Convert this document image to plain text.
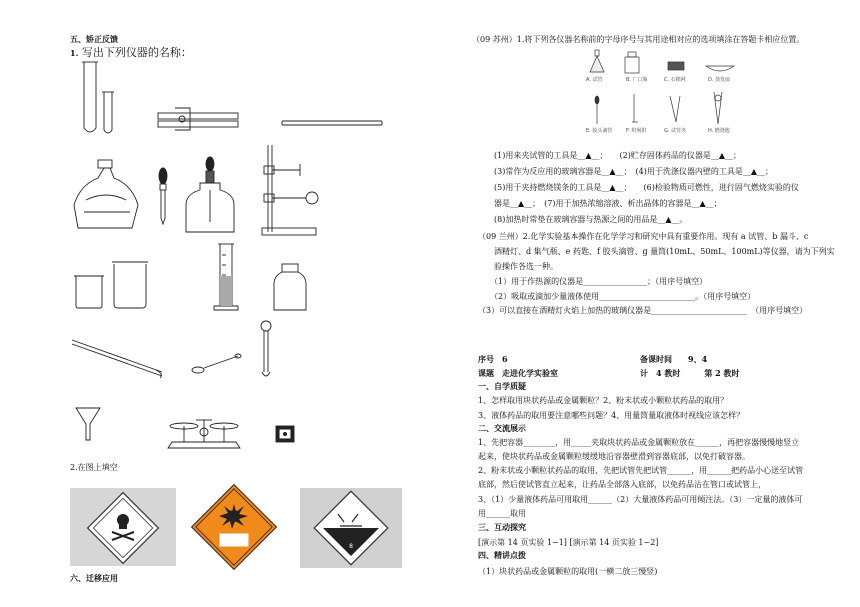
五、矫正反馈
1. 写出下列仪器的名称：
2.在图上填空
8
六、迁移应用
（09 苏州）1.将下列各仪器名称前的字母序号与其用途相对应的选项填涂在答题卡相应位置。
A. 试管	B. 广口瓶	C. 石棉网	D. 蒸发皿
E. 胶头滴管	F. 坩埚钳	G. 试管夹	H. 燃烧匙
(1)用来夹试管的工具是__▲__；　　(2)贮存固体药品的仪器是__▲__；
(3)常作为反应用的玻璃容器是__▲__；　(4)用于洗涤仪器内壁的工具是__▲__；
(5)用于夹持燃烧镁条的工具是__▲__；　　(6)检验物质可燃性，进行固气燃烧实验的仪
器是__▲__；　(7)用于加热浓缩溶液、析出晶体的容器是__▲__；
(8)加热时常垫在玻璃容器与热源之间的用品是__▲__。
（09 兰州）2.化学实验基本操作在化学学习和研究中具有重要作用。现有 a 试管、b 漏斗、c
酒精灯、d 集气瓶、e 药匙、f 胶头滴管、g 量筒(10mL、50mL、100mL)等仪器，请为下列实
验操作各选一种。
（1）用于作热源的仪器是________________；（用序号填空）
（2）吸取或滴加少量液体使用________________________。（用序号填空）
（3）可以直接在酒精灯火焰上加热的玻璃仪器是________________________　（用序号填空）
序号　6	备课时间　　9、4
课题　走进化学实验室	计　4 教时　　　第 2 教时
一、自学质疑
1、怎样取用块状药品或金属颗粒？2、粉末状或小颗粒状药品的取用？
3、液体药品的取用要注意哪些问题？4、用量筒量取液体时视线应该怎样？
二、交流展示
1、先把容器________，用_____夹取块状药品或金属颗粒放在______，再把容器慢慢地竖立
起来，使块状药品或金属颗粒缓缓地沿容器壁滑到容器底部，以免打破容器。
2、粉末状或小颗粒状药品的取用，先把试管先把试管______，用______把药品小心送至试管
底部，然后使试管直立起来，让药品全部落入底部，以免药品沾在管口或试管上，
3、（1）少量液体药品可用取用______（2）大量液体药品可用倾注法。（3）一定量的液体可
用______取用
三、互动探究
[演示第 14 页实验 1~1] [演示第 14 页实验 1~2]
四、精讲点拨
（1）块状药品或金属颗粒的取用(一横二放三慢竖)
